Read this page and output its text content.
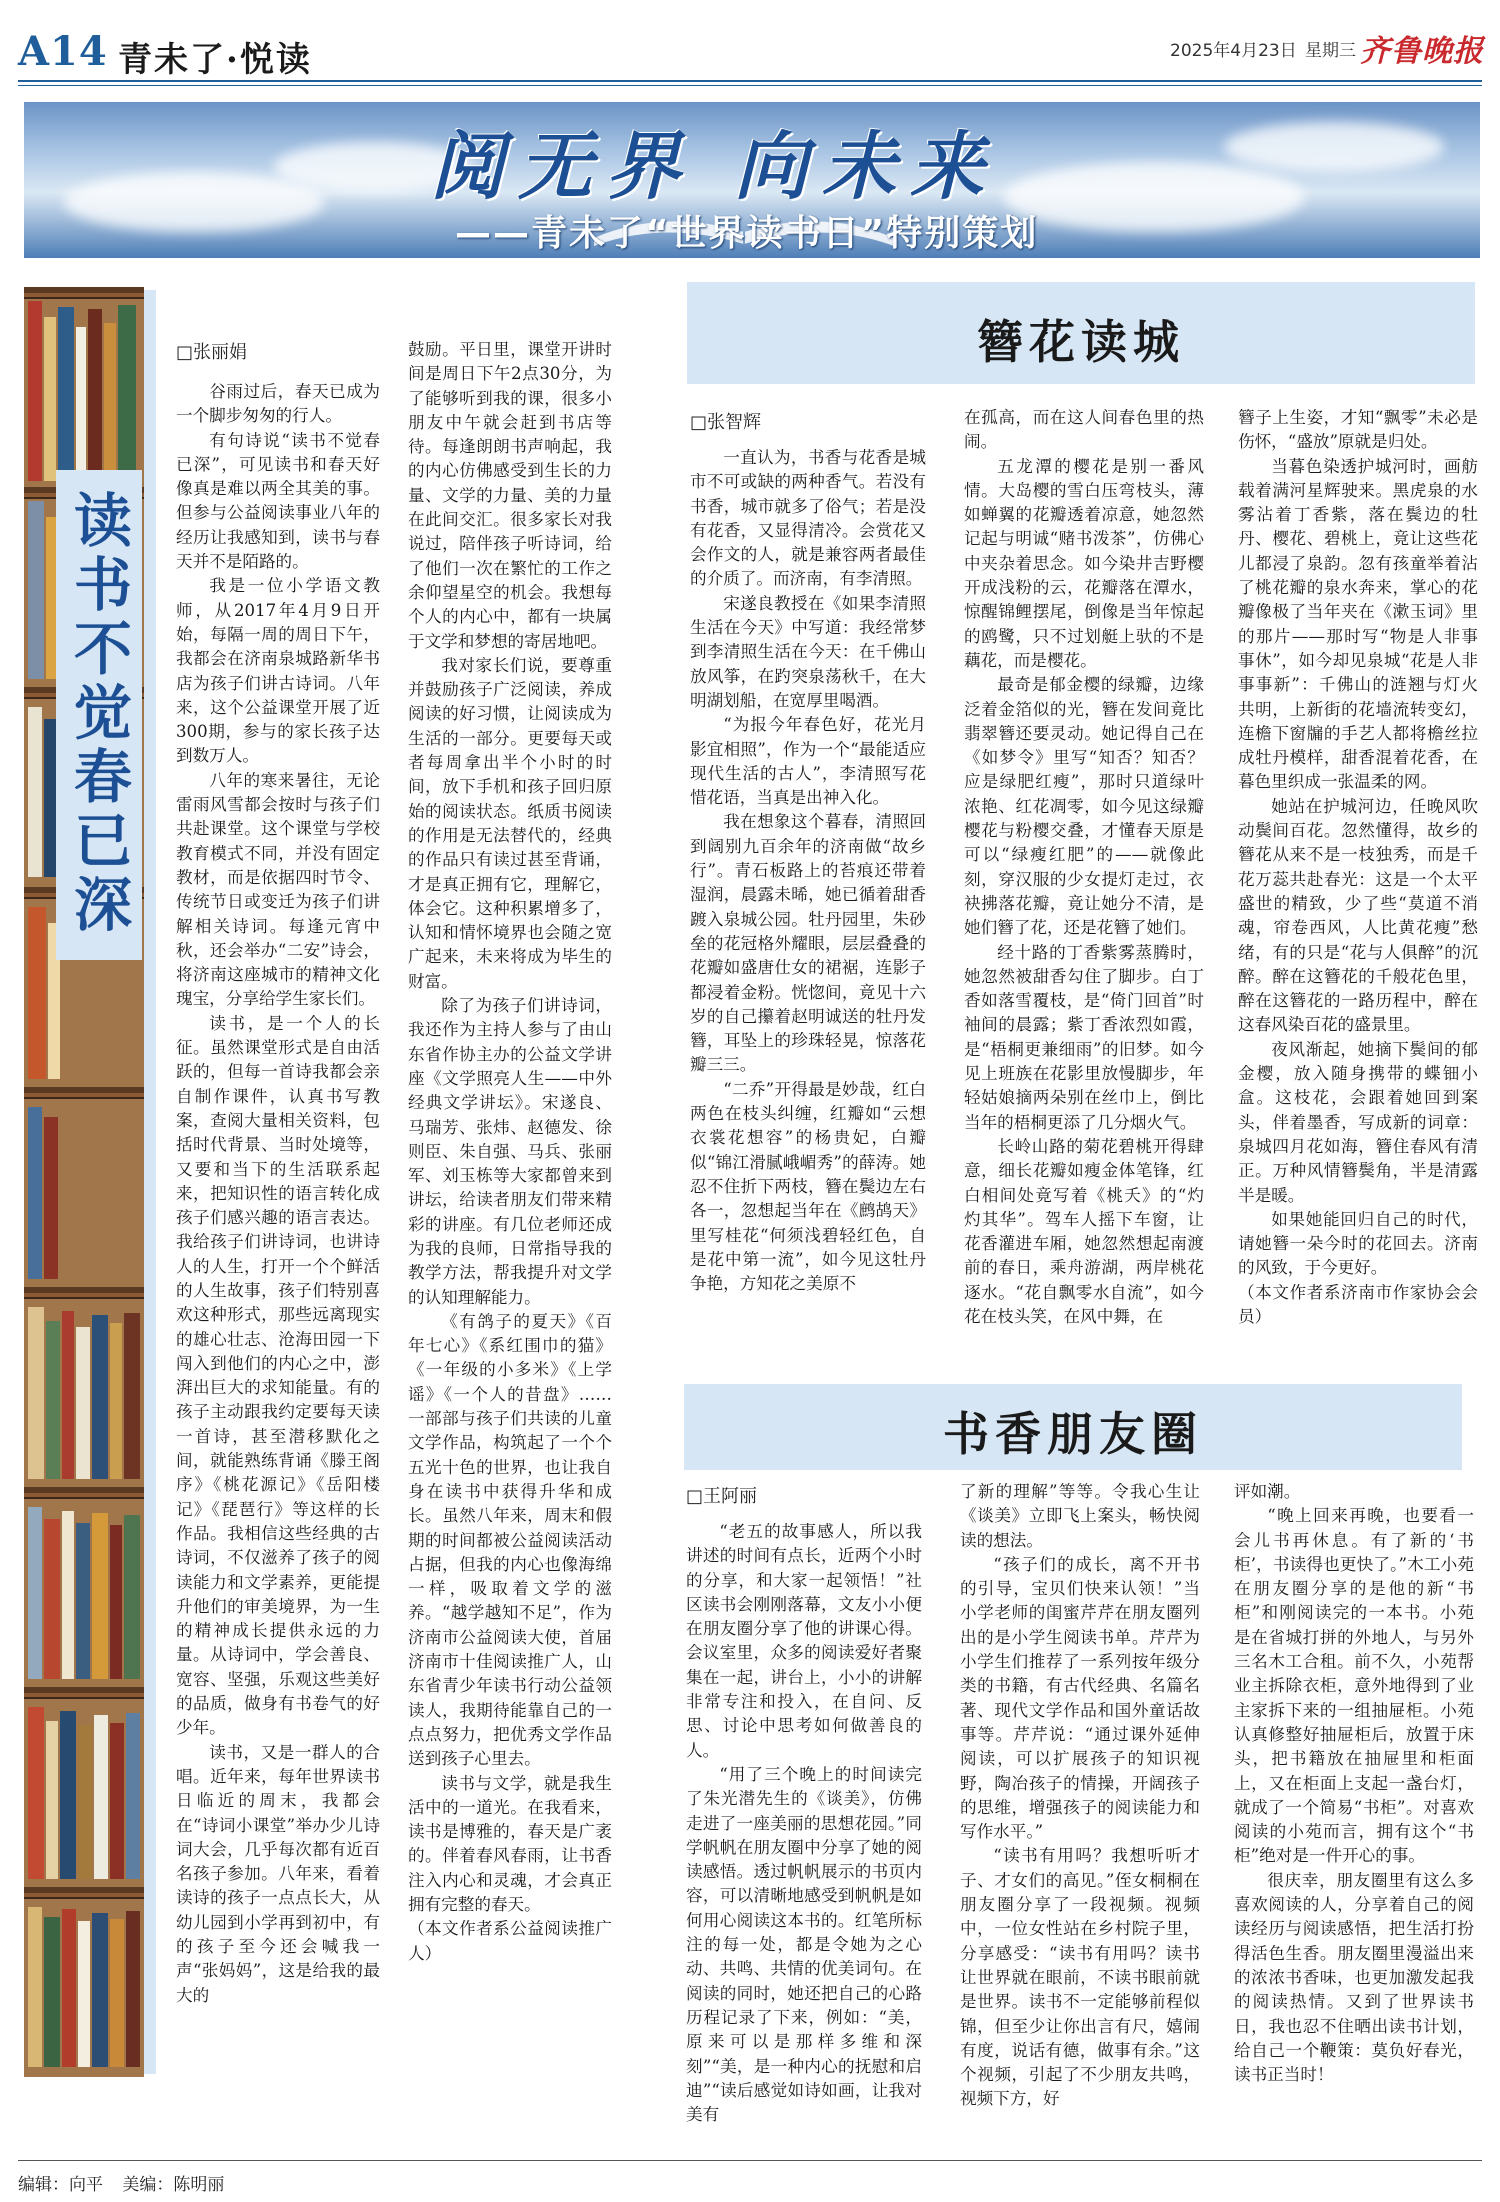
A14 青未了·悦读	2025年4月23日 星期三 齐鲁晚报
阅无界 向未来
——青未了“世界读书日”特别策划
读书不觉春已深
□张丽娟

谷雨过后，春天已成为一个脚步匆匆的行人。

有句诗说“读书不觉春已深”，可见读书和春天好像真是难以两全其美的事。但参与公益阅读事业八年的经历让我感知到，读书与春天并不是陌路的。

我是一位小学语文教师，从2017年4月9日开始，每隔一周的周日下午，我都会在济南泉城路新华书店为孩子们讲古诗词。八年来，这个公益课堂开展了近300期，参与的家长孩子达到数万人。

八年的寒来暑往，无论雷雨风雪都会按时与孩子们共赴课堂。这个课堂与学校教育模式不同，并没有固定教材，而是依据四时节令、传统节日或变迁为孩子们讲解相关诗词。每逢元宵中秋，还会举办“二安”诗会，将济南这座城市的精神文化瑰宝，分享给学生家长们。

读书，是一个人的长征。虽然课堂形式是自由活跃的，但每一首诗我都会亲自制作课件，认真书写教案，查阅大量相关资料，包括时代背景、当时处境等，又要和当下的生活联系起来，把知识性的语言转化成孩子们感兴趣的语言表达。我给孩子们讲诗词，也讲诗人的人生，打开一个个鲜活的人生故事，孩子们特别喜欢这种形式，那些远离现实的雄心壮志、沧海田园一下闯入到他们的内心之中，澎湃出巨大的求知能量。有的孩子主动跟我约定要每天读一首诗，甚至潜移默化之间，就能熟练背诵《滕王阁序》《桃花源记》《岳阳楼记》《琵琶行》等这样的长作品。我相信这些经典的古诗词，不仅滋养了孩子的阅读能力和文学素养，更能提升他们的审美境界，为一生的精神成长提供永远的力量。从诗词中，学会善良、宽容、坚强，乐观这些美好的品质，做身有书卷气的好少年。

读书，又是一群人的合唱。近年来，每年世界读书日临近的周末，我都会在“诗词小课堂”举办少儿诗词大会，几乎每次都有近百名孩子参加。八年来，看着读诗的孩子一点点长大，从幼儿园到小学再到初中，有的孩子至今还会喊我一声“张妈妈”，这是给我的最大的

鼓励。平日里，课堂开讲时间是周日下午2点30分，为了能够听到我的课，很多小朋友中午就会赶到书店等待。每逢朗朗书声响起，我的内心仿佛感受到生长的力量、文学的力量、美的力量在此间交汇。很多家长对我说过，陪伴孩子听诗词，给了他们一次在繁忙的工作之余仰望星空的机会。我想每个人的内心中，都有一块属于文学和梦想的寄居地吧。

我对家长们说，要尊重并鼓励孩子广泛阅读，养成阅读的好习惯，让阅读成为生活的一部分。更要每天或者每周拿出半个小时的时间，放下手机和孩子回归原始的阅读状态。纸质书阅读的作用是无法替代的，经典的作品只有读过甚至背诵，才是真正拥有它，理解它，体会它。这种积累增多了，认知和情怀境界也会随之宽广起来，未来将成为毕生的财富。

除了为孩子们讲诗词，我还作为主持人参与了由山东省作协主办的公益文学讲座《文学照亮人生——中外经典文学讲坛》。宋遂良、马瑞芳、张炜、赵德发、徐则臣、朱自强、马兵、张丽军、刘玉栋等大家都曾来到讲坛，给读者朋友们带来精彩的讲座。有几位老师还成为我的良师，日常指导我的教学方法，帮我提升对文学的认知理解能力。

《有鸽子的夏天》《百年七心》《系红围巾的猫》《一年级的小多米》《上学谣》《一个人的昔盘》……一部部与孩子们共读的儿童文学作品，构筑起了一个个五光十色的世界，也让我自身在读书中获得升华和成长。虽然八年来，周末和假期的时间都被公益阅读活动占据，但我的内心也像海绵一样，吸取着文学的滋养。“越学越知不足”，作为济南市公益阅读大使，首届济南市十佳阅读推广人，山东省青少年读书行动公益领读人，我期待能靠自己的一点点努力，把优秀文学作品送到孩子心里去。

读书与文学，就是我生活中的一道光。在我看来，读书是博雅的，春天是广袤的。伴着春风春雨，让书香注入内心和灵魂，才会真正拥有完整的春天。

（本文作者系公益阅读推广人）

簪花读城
□张智辉

一直认为，书香与花香是城市不可或缺的两种香气。若没有书香，城市就多了俗气；若是没有花香，又显得清冷。会赏花又会作文的人，就是兼容两者最佳的介质了。而济南，有李清照。

宋遂良教授在《如果李清照生活在今天》中写道：我经常梦到李清照生活在今天：在千佛山放风筝，在趵突泉荡秋千，在大明湖划船，在宽厚里喝酒。

“为报今年春色好，花光月影宜相照”，作为一个“最能适应现代生活的古人”，李清照写花惜花语，当真是出神入化。

我在想象这个暮春，清照回到阔别九百余年的济南做“故乡行”。青石板路上的苔痕还带着湿润，晨露未晞，她已循着甜香踱入泉城公园。牡丹园里，朱砂垒的花冠格外耀眼，层层叠叠的花瓣如盛唐仕女的裙裾，连影子都浸着金粉。恍惚间，竟见十六岁的自己攥着赵明诚送的牡丹发簪，耳坠上的珍珠轻晃，惊落花瓣三三。

“二乔”开得最是妙哉，红白两色在枝头纠缠，红瓣如“云想衣裳花想容”的杨贵妃，白瓣似“锦江滑腻峨嵋秀”的薛涛。她忍不住折下两枝，簪在鬓边左右各一，忽想起当年在《鹧鸪天》里写桂花“何须浅碧轻红色，自是花中第一流”，如今见这牡丹争艳，方知花之美原不

在孤高，而在这人间春色里的热闹。

五龙潭的樱花是别一番风情。大岛樱的雪白压弯枝头，薄如蝉翼的花瓣透着凉意，她忽然记起与明诚“赌书泼茶”，仿佛心中夹杂着思念。如今染井吉野樱开成浅粉的云，花瓣落在潭水，惊醒锦鲤摆尾，倒像是当年惊起的鸥鹭，只不过划艇上驮的不是藕花，而是樱花。

最奇是郁金樱的绿瓣，边缘泛着金箔似的光，簪在发间竟比翡翠簪还要灵动。她记得自己在《如梦令》里写“知否？知否？应是绿肥红瘦”，那时只道绿叶浓艳、红花凋零，如今见这绿瓣樱花与粉樱交叠，才懂春天原是可以“绿瘦红肥”的——就像此刻，穿汉服的少女提灯走过，衣袂拂落花瓣，竟让她分不清，是她们簪了花，还是花簪了她们。

经十路的丁香紫雾蒸腾时，她忽然被甜香勾住了脚步。白丁香如落雪覆枝，是“倚门回首”时袖间的晨露；紫丁香浓烈如霞，是“梧桐更兼细雨”的旧梦。如今见上班族在花影里放慢脚步，年轻姑娘摘两朵别在丝巾上，倒比当年的梧桐更添了几分烟火气。

长岭山路的菊花碧桃开得肆意，细长花瓣如瘦金体笔锋，红白相间处竟写着《桃夭》的“灼灼其华”。驾车人摇下车窗，让花香灌进车厢，她忽然想起南渡前的春日，乘舟游湖，两岸桃花逐水。“花自飘零水自流”，如今花在枝头笑，在风中舞，在

簪子上生姿，才知“飘零”未必是伤怀，“盛放”原就是归处。

当暮色染透护城河时，画舫载着满河星辉驶来。黑虎泉的水雾沾着丁香紫，落在鬓边的牡丹、樱花、碧桃上，竟让这些花儿都浸了泉韵。忽有孩童举着沾了桃花瓣的泉水奔来，掌心的花瓣像极了当年夹在《漱玉词》里的那片——那时写“物是人非事事休”，如今却见泉城“花是人非事事新”：千佛山的涟翘与灯火共明，上新街的花墙流转变幻，连檐下窗牖的手艺人都将檐丝拉成牡丹模样，甜香混着花香，在暮色里织成一张温柔的网。

她站在护城河边，任晚风吹动鬓间百花。忽然懂得，故乡的簪花从来不是一枝独秀，而是千花万蕊共赴春光：这是一个太平盛世的精致，少了些“莫道不消魂，帘卷西风，人比黄花瘦”愁绪，有的只是“花与人俱醉”的沉醉。醉在这簪花的千般花色里，醉在这簪花的一路历程中，醉在这春风染百花的盛景里。

夜风渐起，她摘下鬓间的郁金樱，放入随身携带的蝶钿小盒。这枝花，会跟着她回到案头，伴着墨香，写成新的词章：泉城四月花如海，簪住春风有清正。万种风情簪鬓角，半是清露半是暖。

如果她能回归自己的时代，请她簪一朵今时的花回去。济南的风致，于今更好。

（本文作者系济南市作家协会会员）

书香朋友圈
□王阿丽

“老五的故事感人，所以我讲述的时间有点长，近两个小时的分享，和大家一起领悟！”社区读书会刚刚落幕，文友小小便在朋友圈分享了他的讲课心得。会议室里，众多的阅读爱好者聚集在一起，讲台上，小小的讲解非常专注和投入，在自问、反思、讨论中思考如何做善良的人。

“用了三个晚上的时间读完了朱光潜先生的《谈美》，仿佛走进了一座美丽的思想花园。”同学帆帆在朋友圈中分享了她的阅读感悟。透过帆帆展示的书页内容，可以清晰地感受到帆帆是如何用心阅读这本书的。红笔所标注的每一处，都是令她为之心动、共鸣、共情的优美词句。在阅读的同时，她还把自己的心路历程记录了下来，例如：“美，原来可以是那样多维和深刻”“美，是一种内心的抚慰和启迪”“读后感觉如诗如画，让我对美有

了新的理解”等等。令我心生让《谈美》立即飞上案头，畅快阅读的想法。

“孩子们的成长，离不开书的引导，宝贝们快来认领！”当小学老师的闺蜜芹芹在朋友圈列出的是小学生阅读书单。芹芹为小学生们推荐了一系列按年级分类的书籍，有古代经典、名篇名著、现代文学作品和国外童话故事等。芹芹说：“通过课外延伸阅读，可以扩展孩子的知识视野，陶冶孩子的情操，开阔孩子的思维，增强孩子的阅读能力和写作水平。”

“读书有用吗？我想听听才子、才女们的高见。”侄女桐桐在朋友圈分享了一段视频。视频中，一位女性站在乡村院子里，分享感受：“读书有用吗？读书让世界就在眼前，不读书眼前就是世界。读书不一定能够前程似锦，但至少让你出言有尺，嬉闹有度，说话有德，做事有余。”这个视频，引起了不少朋友共鸣，视频下方，好

评如潮。

“晚上回来再晚，也要看一会儿书再休息。有了新的‘书柜’，书读得也更快了。”木工小苑在朋友圈分享的是他的新“书柜”和刚阅读完的一本书。小苑是在省城打拼的外地人，与另外三名木工合租。前不久，小苑帮业主拆除衣柜，意外地得到了业主家拆下来的一组抽屉柜。小苑认真修整好抽屉柜后，放置于床头，把书籍放在抽屉里和柜面上，又在柜面上支起一盏台灯，就成了一个简易“书柜”。对喜欢阅读的小苑而言，拥有这个“书柜”绝对是一件开心的事。

很庆幸，朋友圈里有这么多喜欢阅读的人，分享着自己的阅读经历与阅读感悟，把生活打扮得活色生香。朋友圈里漫溢出来的浓浓书香味，也更加激发起我的阅读热情。又到了世界读书日，我也忍不住晒出读书计划，给自己一个鞭策：莫负好春光，读书正当时！

编辑：向平 美编：陈明丽
